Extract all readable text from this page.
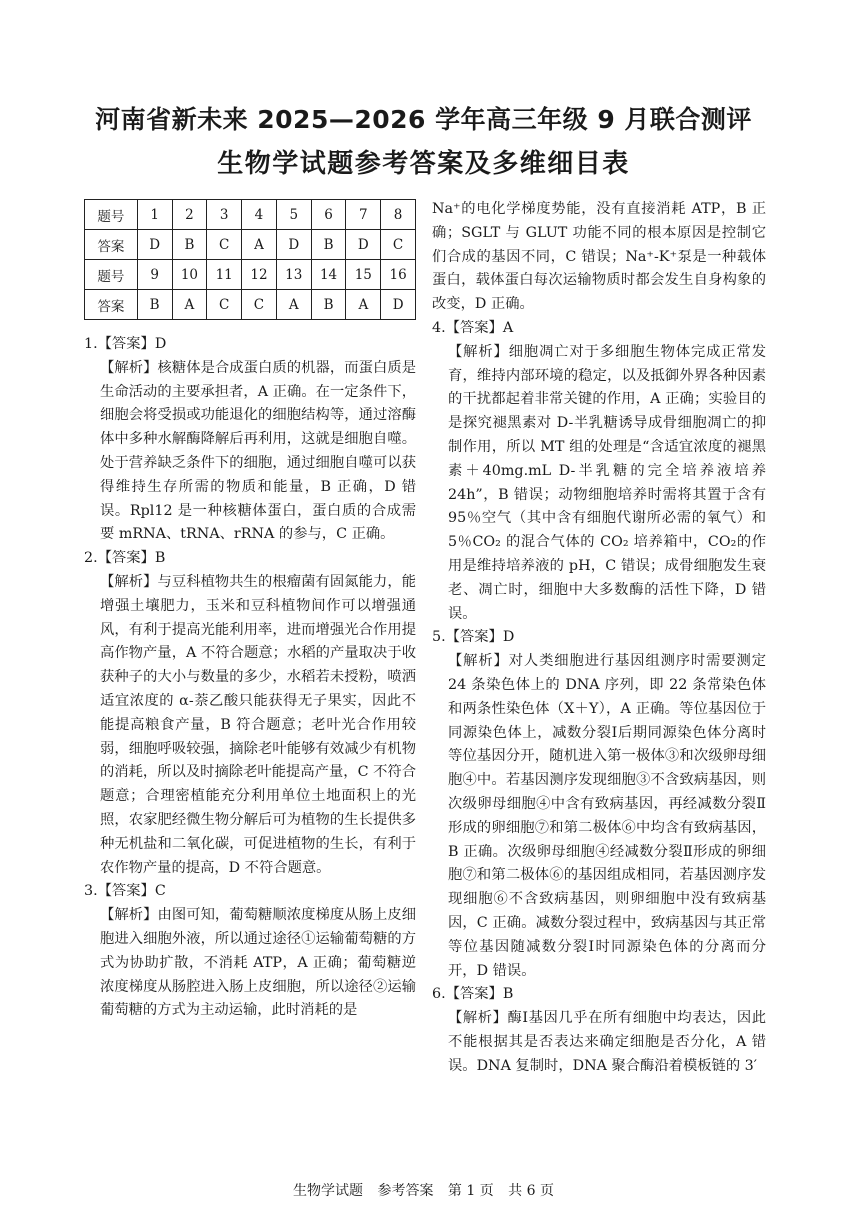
河南省新未来 2025—2026 学年高三年级 9 月联合测评
生物学试题参考答案及多维细目表
题号	1	2	3	4	5	6	7	8
答案	D	B	C	A	D	B	D	C
题号	9	10	11	12	13	14	15	16
答案	B	A	C	C	A	B	A	D
1.【答案】D
【解析】核糖体是合成蛋白质的机器，而蛋白质是生命活动的主要承担者，A 正确。在一定条件下，细胞会将受损或功能退化的细胞结构等，通过溶酶体中多种水解酶降解后再利用，这就是细胞自噬。处于营养缺乏条件下的细胞，通过细胞自噬可以获得维持生存所需的物质和能量，B 正确，D 错误。Rpl12 是一种核糖体蛋白，蛋白质的合成需要 mRNA、tRNA、rRNA 的参与，C 正确。
2.【答案】B
【解析】与豆科植物共生的根瘤菌有固氮能力，能增强土壤肥力，玉米和豆科植物间作可以增强通风，有利于提高光能利用率，进而增强光合作用提高作物产量，A 不符合题意；水稻的产量取决于收获种子的大小与数量的多少，水稻若未授粉，喷洒适宜浓度的 α-萘乙酸只能获得无子果实，因此不能提高粮食产量，B 符合题意；老叶光合作用较弱，细胞呼吸较强，摘除老叶能够有效减少有机物的消耗，所以及时摘除老叶能提高产量，C 不符合题意；合理密植能充分利用单位土地面积上的光照，农家肥经微生物分解后可为植物的生长提供多种无机盐和二氧化碳，可促进植物的生长，有利于农作物产量的提高，D 不符合题意。
3.【答案】C
【解析】由图可知，葡萄糖顺浓度梯度从肠上皮细胞进入细胞外液，所以通过途径①运输葡萄糖的方式为协助扩散，不消耗 ATP，A 正确；葡萄糖逆浓度梯度从肠腔进入肠上皮细胞，所以途径②运输葡萄糖的方式为主动运输，此时消耗的是
Na⁺的电化学梯度势能，没有直接消耗 ATP，B 正确；SGLT 与 GLUT 功能不同的根本原因是控制它们合成的基因不同，C 错误；Na⁺-K⁺泵是一种载体蛋白，载体蛋白每次运输物质时都会发生自身构象的改变，D 正确。
4.【答案】A
【解析】细胞凋亡对于多细胞生物体完成正常发育，维持内部环境的稳定，以及抵御外界各种因素的干扰都起着非常关键的作用，A 正确；实验目的是探究褪黑素对 D-半乳糖诱导成骨细胞凋亡的抑制作用，所以 MT 组的处理是“含适宜浓度的褪黑素＋40mg.mL D-半乳糖的完全培养液培养 24h”，B 错误；动物细胞培养时需将其置于含有 95％空气（其中含有细胞代谢所必需的氧气）和 5％CO₂ 的混合气体的 CO₂ 培养箱中，CO₂的作用是维持培养液的 pH，C 错误；成骨细胞发生衰老、凋亡时，细胞中大多数酶的活性下降，D 错误。
5.【答案】D
【解析】对人类细胞进行基因组测序时需要测定 24 条染色体上的 DNA 序列，即 22 条常染色体和两条性染色体（X＋Y），A 正确。等位基因位于同源染色体上，减数分裂Ⅰ后期同源染色体分离时等位基因分开，随机进入第一极体③和次级卵母细胞④中。若基因测序发现细胞③不含致病基因，则次级卵母细胞④中含有致病基因，再经减数分裂Ⅱ形成的卵细胞⑦和第二极体⑥中均含有致病基因，B 正确。次级卵母细胞④经减数分裂Ⅱ形成的卵细胞⑦和第二极体⑥的基因组成相同，若基因测序发现细胞⑥不含致病基因，则卵细胞中没有致病基因，C 正确。减数分裂过程中，致病基因与其正常等位基因随减数分裂Ⅰ时同源染色体的分离而分开，D 错误。
6.【答案】B
【解析】酶Ⅰ基因几乎在所有细胞中均表达，因此不能根据其是否表达来确定细胞是否分化，A 错误。DNA 复制时，DNA 聚合酶沿着模板链的 3′
生物学试题 参考答案 第 1 页 共 6 页
